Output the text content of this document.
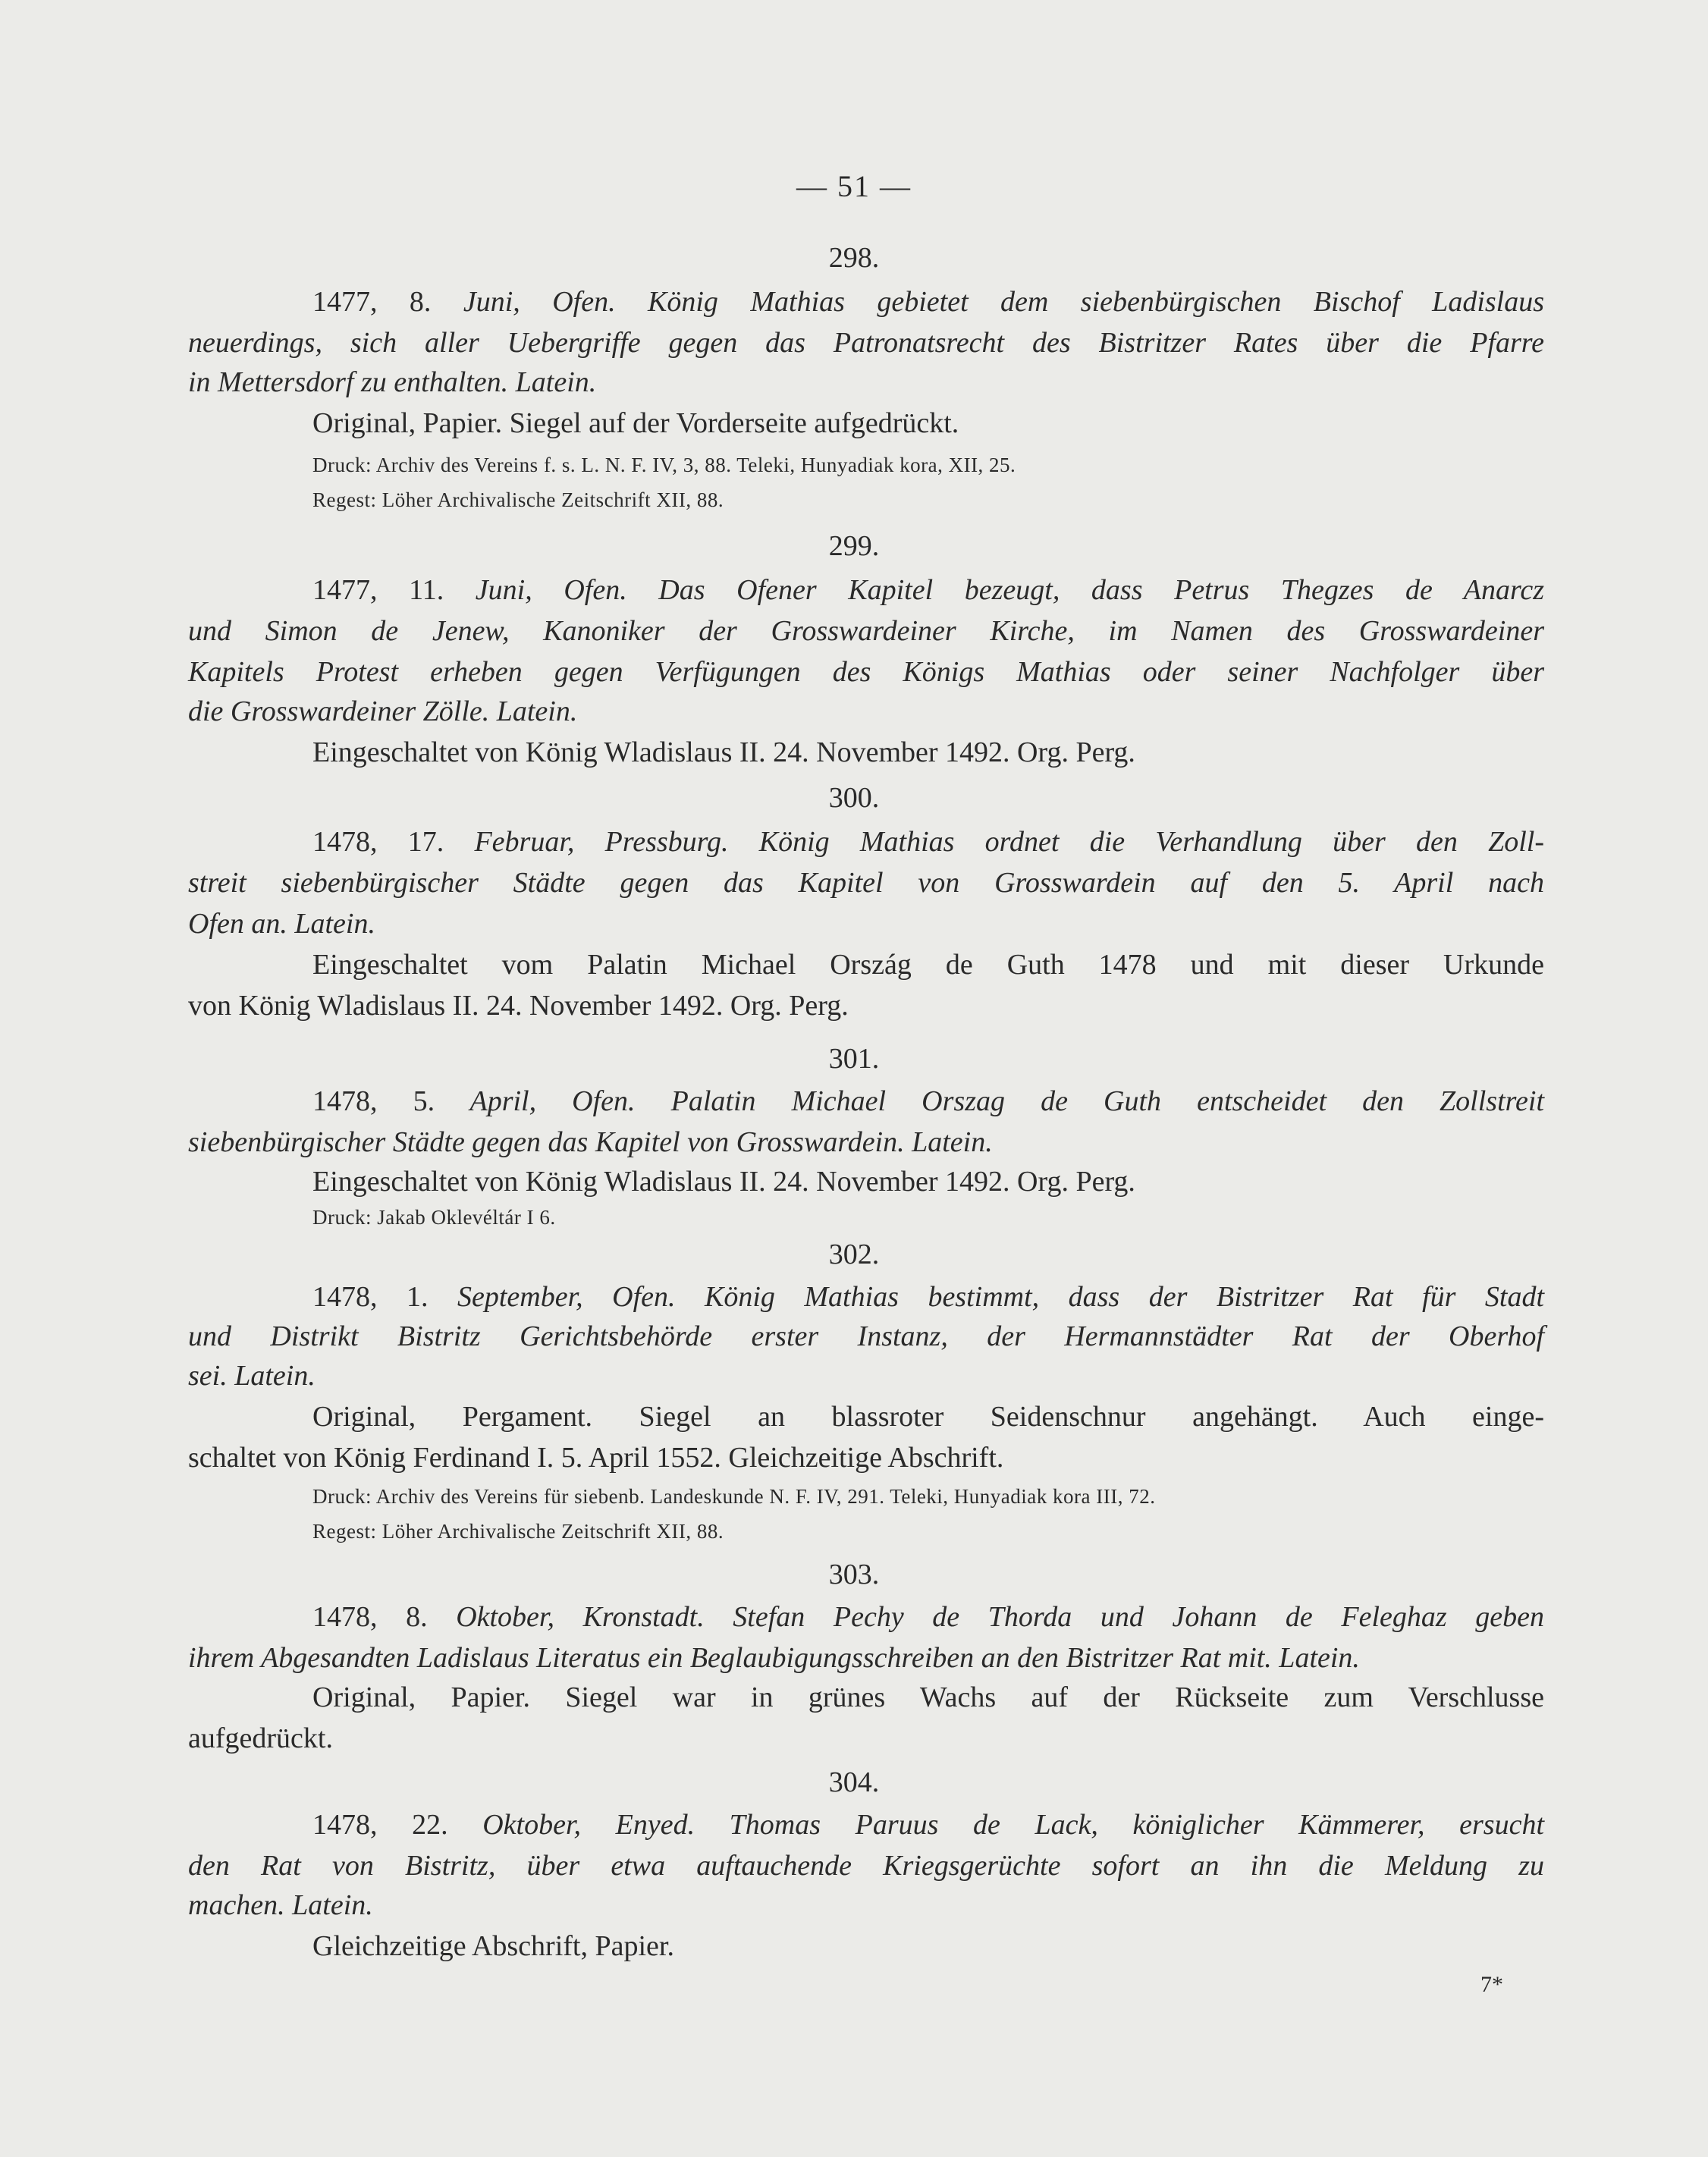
— 51 —
298.
1477, 8. Juni, Ofen. König Mathias gebietet dem siebenbürgischen Bischof Ladislaus
neuerdings, sich aller Uebergriffe gegen das Patronatsrecht des Bistritzer Rates über die Pfarre
in Mettersdorf zu enthalten. Latein.
Original, Papier. Siegel auf der Vorderseite aufgedrückt.
Druck: Archiv des Vereins f. s. L. N. F. IV, 3, 88. Teleki, Hunyadiak kora, XII, 25.
Regest: Löher Archivalische Zeitschrift XII, 88.
299.
1477, 11. Juni, Ofen. Das Ofener Kapitel bezeugt, dass Petrus Thegzes de Anarcz
und Simon de Jenew, Kanoniker der Grosswardeiner Kirche, im Namen des Grosswardeiner
Kapitels Protest erheben gegen Verfügungen des Königs Mathias oder seiner Nachfolger über
die Grosswardeiner Zölle. Latein.
Eingeschaltet von König Wladislaus II. 24. November 1492. Org. Perg.
300.
1478, 17. Februar, Pressburg. König Mathias ordnet die Verhandlung über den Zoll-
streit siebenbürgischer Städte gegen das Kapitel von Grosswardein auf den 5. April nach
Ofen an. Latein.
Eingeschaltet vom Palatin Michael Ország de Guth 1478 und mit dieser Urkunde
von König Wladislaus II. 24. November 1492. Org. Perg.
301.
1478, 5. April, Ofen. Palatin Michael Orszag de Guth entscheidet den Zollstreit
siebenbürgischer Städte gegen das Kapitel von Grosswardein. Latein.
Eingeschaltet von König Wladislaus II. 24. November 1492. Org. Perg.
Druck: Jakab Oklevéltár I 6.
302.
1478, 1. September, Ofen. König Mathias bestimmt, dass der Bistritzer Rat für Stadt
und Distrikt Bistritz Gerichtsbehörde erster Instanz, der Hermannstädter Rat der Oberhof
sei. Latein.
Original, Pergament. Siegel an blassroter Seidenschnur angehängt. Auch einge-
schaltet von König Ferdinand I. 5. April 1552. Gleichzeitige Abschrift.
Druck: Archiv des Vereins für siebenb. Landeskunde N. F. IV, 291. Teleki, Hunyadiak kora III, 72.
Regest: Löher Archivalische Zeitschrift XII, 88.
303.
1478, 8. Oktober, Kronstadt. Stefan Pechy de Thorda und Johann de Feleghaz geben
ihrem Abgesandten Ladislaus Literatus ein Beglaubigungsschreiben an den Bistritzer Rat mit. Latein.
Original, Papier. Siegel war in grünes Wachs auf der Rückseite zum Verschlusse
aufgedrückt.
304.
1478, 22. Oktober, Enyed. Thomas Paruus de Lack, königlicher Kämmerer, ersucht
den Rat von Bistritz, über etwa auftauchende Kriegsgerüchte sofort an ihn die Meldung zu
machen. Latein.
Gleichzeitige Abschrift, Papier.
7*
